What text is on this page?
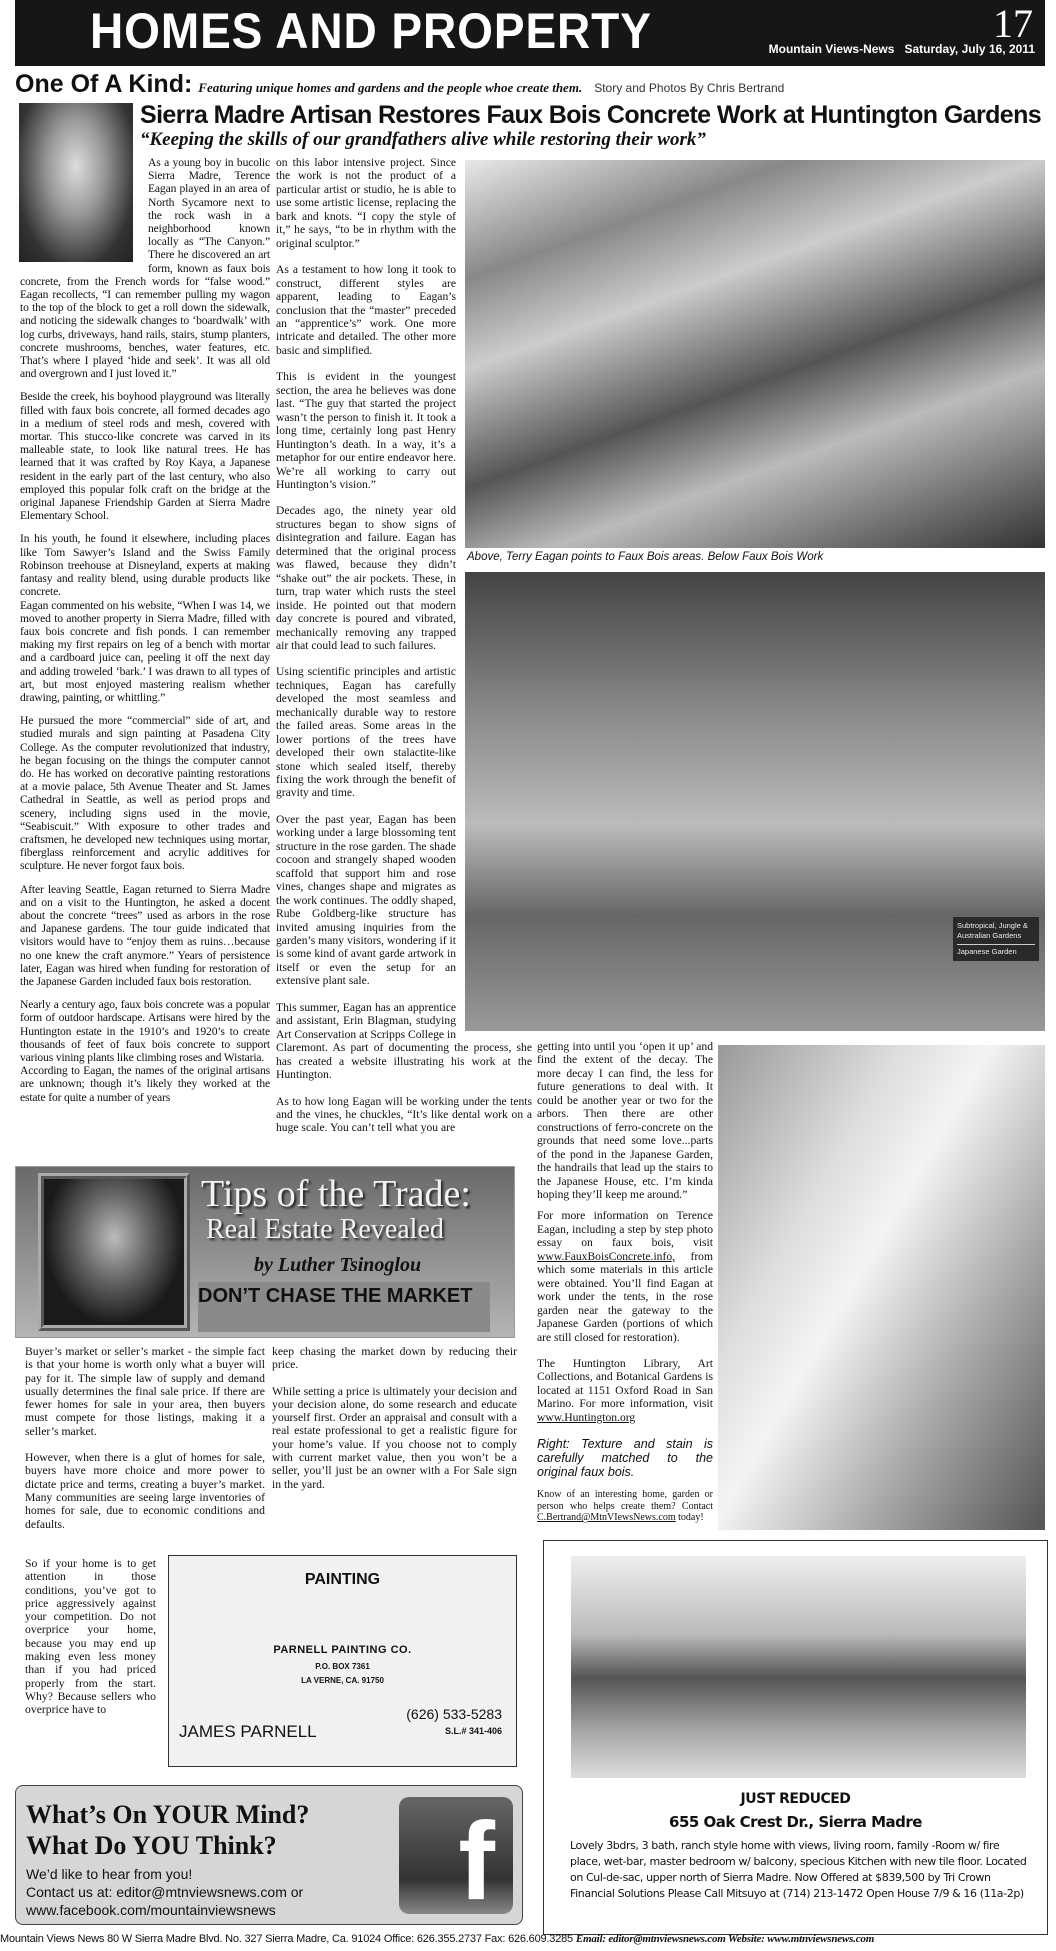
HOMES AND PROPERTY	17
Mountain Views-News Saturday, July 16, 2011
One Of A Kind: Featuring unique homes and gardens and the people whoe create them. Story and Photos By Chris Bertrand
Sierra Madre Artisan Restores Faux Bois Concrete Work at Huntington Gardens
“Keeping the skills of our grandfathers alive while restoring their work”

As a young boy in bucolic Sierra Madre, Terence Eagan played in an area of North Sycamore next to the rock wash in a neighborhood known locally as “The Canyon.” There he discovered an art form, known as faux bois concrete, from the French words for “false wood.” Eagan recollects, “I can remember pulling my wagon to the top of the block to get a roll down the sidewalk, and noticing the sidewalk changes to ‘boardwalk’ with log curbs, driveways, hand rails, stairs, stump planters, concrete mushrooms, benches, water features, etc. That’s where I played ‘hide and seek’. It was all old and overgrown and I just loved it.”

Beside the creek, his boyhood playground was literally filled with faux bois concrete, all formed decades ago in a medium of steel rods and mesh, covered with mortar. This stucco-like concrete was carved in its malleable state, to look like natural trees. He has learned that it was crafted by Roy Kaya, a Japanese resident in the early part of the last century, who also employed this popular folk craft on the bridge at the original Japanese Friendship Garden at Sierra Madre Elementary School.

In his youth, he found it elsewhere, including places like Tom Sawyer’s Island and the Swiss Family Robinson treehouse at Disneyland, experts at making fantasy and reality blend, using durable products like concrete.

Eagan commented on his website, “When I was 14, we moved to another property in Sierra Madre, filled with faux bois concrete and fish ponds. I can remember making my first repairs on leg of a bench with mortar and a cardboard juice can, peeling it off the next day and adding troweled ‘bark.’ I was drawn to all types of art, but most enjoyed mastering realism whether drawing, painting, or whittling.”

He pursued the more “commercial” side of art, and studied murals and sign painting at Pasadena City College. As the computer revolutionized that industry, he began focusing on the things the computer cannot do. He has worked on decorative painting restorations at a movie palace, 5th Avenue Theater and St. James Cathedral in Seattle, as well as period props and scenery, including signs used in the movie, “Seabiscuit.” With exposure to other trades and craftsmen, he developed new techniques using mortar, fiberglass reinforcement and acrylic additives for sculpture. He never forgot faux bois.

After leaving Seattle, Eagan returned to Sierra Madre and on a visit to the Huntington, he asked a docent about the concrete “trees” used as arbors in the rose and Japanese gardens. The tour guide indicated that visitors would have to “enjoy them as ruins…because no one knew the craft anymore.” Years of persistence later, Eagan was hired when funding for restoration of the Japanese Garden included faux bois restoration.

Nearly a century ago, faux bois concrete was a popular form of outdoor hardscape. Artisans were hired by the Huntington estate in the 1910’s and 1920’s to create thousands of feet of faux bois concrete to support various vining plants like climbing roses and Wistaria.

According to Eagan, the names of the original artisans are unknown; though it’s likely they worked at the estate for quite a number of years

on this labor intensive project. Since the work is not the product of a particular artist or studio, he is able to use some artistic license, replacing the bark and knots. “I copy the style of it,” he says, “to be in rhythm with the original sculptor.”

As a testament to how long it took to construct, different styles are apparent, leading to Eagan’s conclusion that the “master” preceded an “apprentice’s” work. One more intricate and detailed. The other more basic and simplified.

This is evident in the youngest section, the area he believes was done last. “The guy that started the project wasn’t the person to finish it. It took a long time, certainly long past Henry Huntington’s death. In a way, it’s a metaphor for our entire endeavor here. We’re all working to carry out Huntington’s vision.”

Decades ago, the ninety year old structures began to show signs of disintegration and failure. Eagan has determined that the original process was flawed, because they didn’t “shake out” the air pockets. These, in turn, trap water which rusts the steel inside. He pointed out that modern day concrete is poured and vibrated, mechanically removing any trapped air that could lead to such failures.

Using scientific principles and artistic techniques, Eagan has carefully developed the most seamless and mechanically durable way to restore the failed areas. Some areas in the lower portions of the trees have developed their own stalactite-like stone which sealed itself, thereby fixing the work through the benefit of gravity and time.

Over the past year, Eagan has been working under a large blossoming tent structure in the rose garden. The shade cocoon and strangely shaped wooden scaffold that support him and rose vines, changes shape and migrates as the work continues. The oddly shaped, Rube Goldberg-like structure has invited amusing inquiries from the garden’s many visitors, wondering if it is some kind of avant garde artwork in itself or even the setup for an extensive plant sale.

This summer, Eagan has an apprentice and assistant, Erin Blagman, studying Art Conservation at Scripps College in Claremont. As part of documenting the process, she has created a website illustrating his work at the Huntington.

As to how long Eagan will be working under the tents and the vines, he chuckles, “It’s like dental work on a huge scale. You can’t tell what you are

Above, Terry Eagan points to Faux Bois areas. Below Faux Bois Work
Subtropical, Jungle & Australian Gardens
Japanese Garden

getting into until you ‘open it up’ and find the extent of the decay. The more decay I can find, the less for future generations to deal with. It could be another year or two for the arbors. Then there are other constructions of ferro-concrete on the grounds that need some love...parts of the pond in the Japanese Garden, the handrails that lead up the stairs to the Japanese House, etc. I’m kinda hoping they’ll keep me around.”

For more information on Terence Eagan, including a step by step photo essay on faux bois, visit www.FauxBoisConcrete.info, from which some materials in this article were obtained. You’ll find Eagan at work under the tents, in the rose garden near the gateway to the Japanese Garden (portions of which are still closed for restoration).

The Huntington Library, Art Collections, and Botanical Gardens is located at 1151 Oxford Road in San Marino. For more information, visit www.Huntington.org

Right: Texture and stain is carefully matched to the original faux bois.

Know of an interesting home, garden or person who helps create them? Contact C.Bertrand@MtnVIewsNews.com today!

Tips of the Trade:
Real Estate Revealed
by Luther Tsinoglou
DON’T CHASE THE MARKET

Buyer’s market or seller’s market - the simple fact is that your home is worth only what a buyer will pay for it. The simple law of supply and demand usually determines the final sale price. If there are fewer homes for sale in your area, then buyers must compete for those listings, making it a seller’s market.

However, when there is a glut of homes for sale, buyers have more choice and more power to dictate price and terms, creating a buyer’s market. Many communities are seeing large inventories of homes for sale, due to economic conditions and defaults.

So if your home is to get attention in those conditions, you’ve got to price aggressively against your competition. Do not overprice your home, because you may end up making even less money than if you had priced properly from the start. Why? Because sellers who overprice have to

keep chasing the market down by reducing their price.

While setting a price is ultimately your decision and your decision alone, do some research and educate yourself first. Order an appraisal and consult with a real estate professional to get a realistic figure for your home’s value. If you choose not to comply with current market value, then you won’t be a seller, you’ll just be an owner with a For Sale sign in the yard.

PAINTING
PARNELL PAINTING CO.
P.O. BOX 7361
LA VERNE, CA. 91750
JAMES PARNELL
(626) 533-5283
S.L.# 341-406
What’s On YOUR Mind?
What Do YOU Think?
We’d like to hear from you!
Contact us at: editor@mtnviewsnews.com or
www.facebook.com/mountainviewsnews	f
JUST REDUCED
655 Oak Crest Dr., Sierra Madre
Lovely 3bdrs, 3 bath, ranch style home with views, living room, family -Room w/ fire place, wet-bar, master bedroom w/ balcony, specious Kitchen with new tile floor. Located on Cul-de-sac, upper north of Sierra Madre. Now Offered at $839,500 by Tri Crown Financial Solutions Please Call Mitsuyo at (714) 213-1472 Open House 7/9 & 16 (11a-2p)
Mountain Views News 80 W Sierra Madre Blvd. No. 327 Sierra Madre, Ca. 91024 Office: 626.355.2737 Fax: 626.609.3285 Email: editor@mtnviewsnews.com Website: www.mtnviewsnews.com
